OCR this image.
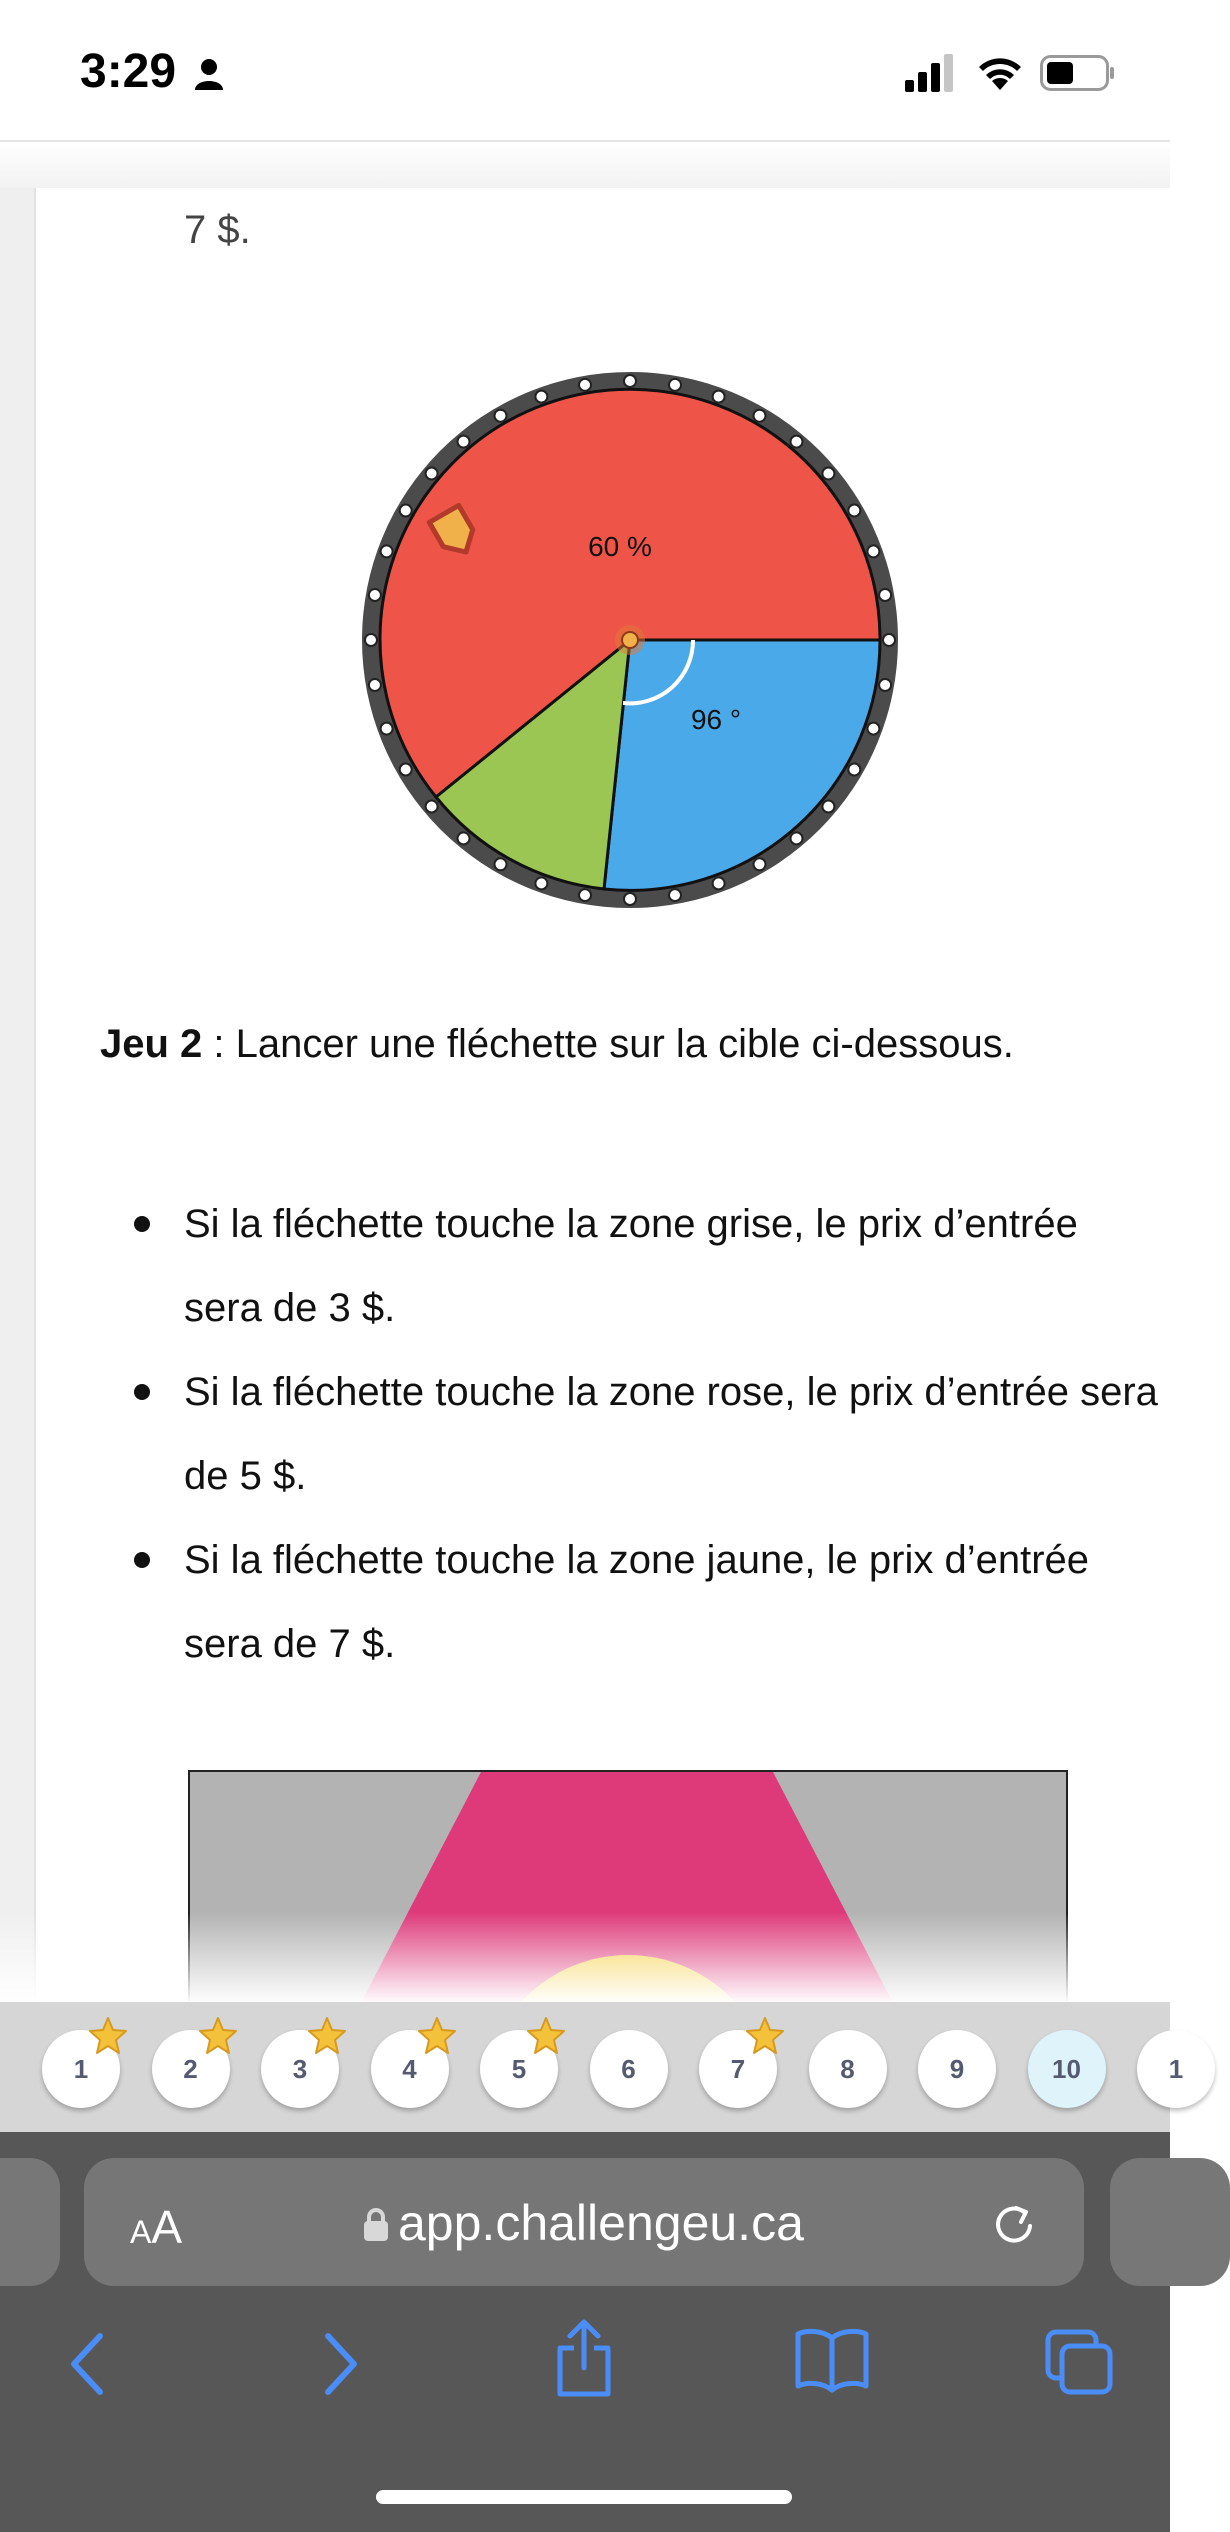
3:29
7 $.
60 %
96 °
Jeu 2 : Lancer une fléchette sur la cible ci-dessous.
Si la fléchette touche la zone grise, le prix d’entrée sera de 3 $.
Si la fléchette touche la zone rose, le prix d’entrée sera de 5 $.
Si la fléchette touche la zone jaune, le prix d’entrée sera de 7 $.
1	2	3	4	5	6	7	8	9	10	1
AA	app.challengeu.ca
